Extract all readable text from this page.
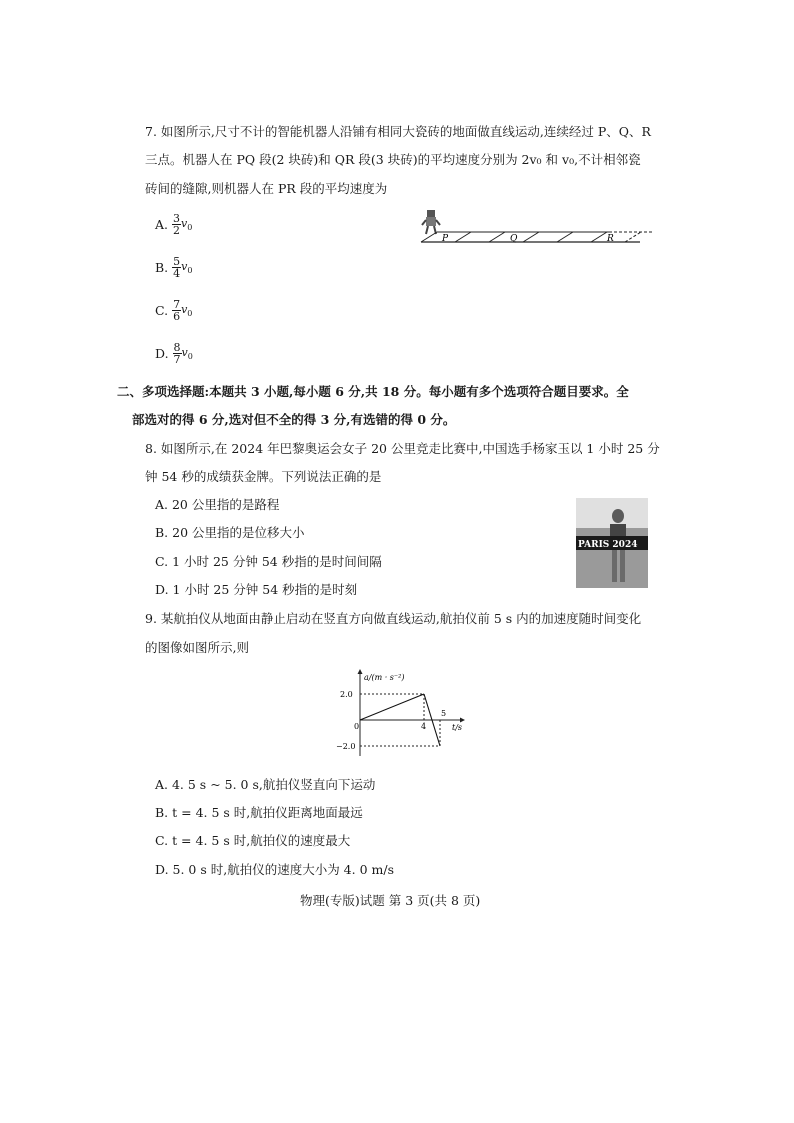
7. 如图所示,尺寸不计的智能机器人沿铺有相同大瓷砖的地面做直线运动,连续经过 P、Q、R
三点。机器人在 PQ 段(2 块砖)和 QR 段(3 块砖)的平均速度分别为 2v₀ 和 v₀,不计相邻瓷
砖间的缝隙,则机器人在 PR 段的平均速度为
A. $\frac{3}{2} v_0$
B. $\frac{5}{4} v_0$
C. $\frac{7}{6} v_0$
D. $\frac{8}{7} v_0$
P	Q	R
二、多项选择题:本题共 3 小题,每小题 6 分,共 18 分。每小题有多个选项符合题目要求。全
部选对的得 6 分,选对但不全的得 3 分,有选错的得 0 分。
8. 如图所示,在 2024 年巴黎奥运会女子 20 公里竞走比赛中,中国选手杨家玉以 1 小时 25 分
钟 54 秒的成绩获金牌。下列说法正确的是
A. 20 公里指的是路程
B. 20 公里指的是位移大小
C. 1 小时 25 分钟 54 秒指的是时间间隔
D. 1 小时 25 分钟 54 秒指的是时刻
PARIS 2024
9. 某航拍仪从地面由静止启动在竖直方向做直线运动,航拍仪前 5 s 内的加速度随时间变化
的图像如图所示,则
a/(m · s⁻²)
t/s
0	4
5
2.0
−2.0
A. 4. 5 s ~ 5. 0 s,航拍仪竖直向下运动
B. t = 4. 5 s 时,航拍仪距离地面最远
C. t = 4. 5 s 时,航拍仪的速度最大
D. 5. 0 s 时,航拍仪的速度大小为 4. 0 m/s
物理(专版)试题 第 3 页(共 8 页)
